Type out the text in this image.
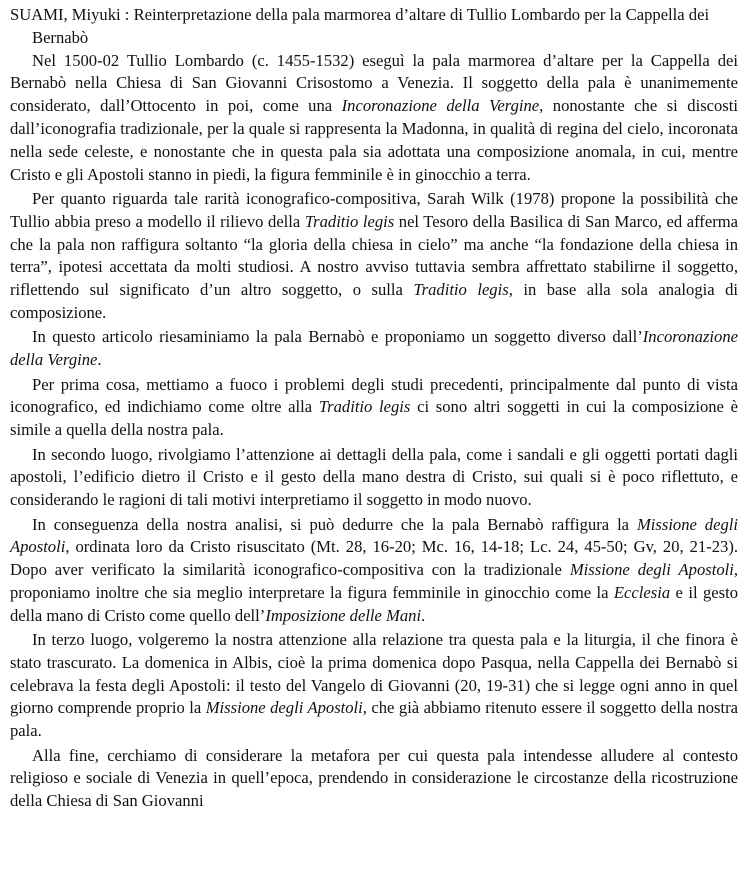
SUAMI, Miyuki : Reinterpretazione della pala marmorea d’altare di Tullio Lombardo per la Cappella dei Bernabò

Nel 1500-02 Tullio Lombardo (c. 1455-1532) eseguì la pala marmorea d’altare per la Cappella dei Bernabò nella Chiesa di San Giovanni Crisostomo a Venezia. Il soggetto della pala è unanimemente considerato, dall’Ottocento in poi, come una Incoronazione della Vergine, nonostante che si discosti dall’iconografia tradizionale, per la quale si rappresenta la Madonna, in qualità di regina del cielo, incoronata nella sede celeste, e nonostante che in questa pala sia adottata una composizione anomala, in cui, mentre Cristo e gli Apostoli stanno in piedi, la figura femminile è in ginocchio a terra.

Per quanto riguarda tale rarità iconografico-compositiva, Sarah Wilk (1978) propone la possibilità che Tullio abbia preso a modello il rilievo della Traditio legis nel Tesoro della Basilica di San Marco, ed afferma che la pala non raffigura soltanto “la gloria della chiesa in cielo” ma anche “la fondazione della chiesa in terra”, ipotesi accettata da molti studiosi. A nostro avviso tuttavia sembra affrettato stabilirne il soggetto, riflettendo sul significato d’un altro soggetto, o sulla Traditio legis, in base alla sola analogia di composizione.

In questo articolo riesaminiamo la pala Bernabò e proponiamo un soggetto diverso dall’Incoronazione della Vergine.

Per prima cosa, mettiamo a fuoco i problemi degli studi precedenti, principalmente dal punto di vista iconografico, ed indichiamo come oltre alla Traditio legis ci sono altri soggetti in cui la composizione è simile a quella della nostra pala.

In secondo luogo, rivolgiamo l’attenzione ai dettagli della pala, come i sandali e gli oggetti portati dagli apostoli, l’edificio dietro il Cristo e il gesto della mano destra di Cristo, sui quali si è poco riflettuto, e considerando le ragioni di tali motivi interpretiamo il soggetto in modo nuovo.

In conseguenza della nostra analisi, si può dedurre che la pala Bernabò raffigura la Missione degli Apostoli, ordinata loro da Cristo risuscitato (Mt. 28, 16-20; Mc. 16, 14-18; Lc. 24, 45-50; Gv, 20, 21-23). Dopo aver verificato la similarità iconografico-compositiva con la tradizionale Missione degli Apostoli, proponiamo inoltre che sia meglio interpretare la figura femminile in ginocchio come la Ecclesia e il gesto della mano di Cristo come quello dell’Imposizione delle Mani.

In terzo luogo, volgeremo la nostra attenzione alla relazione tra questa pala e la liturgia, il che finora è stato trascurato. La domenica in Albis, cioè la prima domenica dopo Pasqua, nella Cappella dei Bernabò si celebrava la festa degli Apostoli: il testo del Vangelo di Giovanni (20, 19-31) che si legge ogni anno in quel giorno comprende proprio la Missione degli Apostoli, che già abbiamo ritenuto essere il soggetto della nostra pala.

Alla fine, cerchiamo di considerare la metafora per cui questa pala intendesse alludere al contesto religioso e sociale di Venezia in quell’epoca, prendendo in considerazione le circostanze della ricostruzione della Chiesa di San Giovanni
